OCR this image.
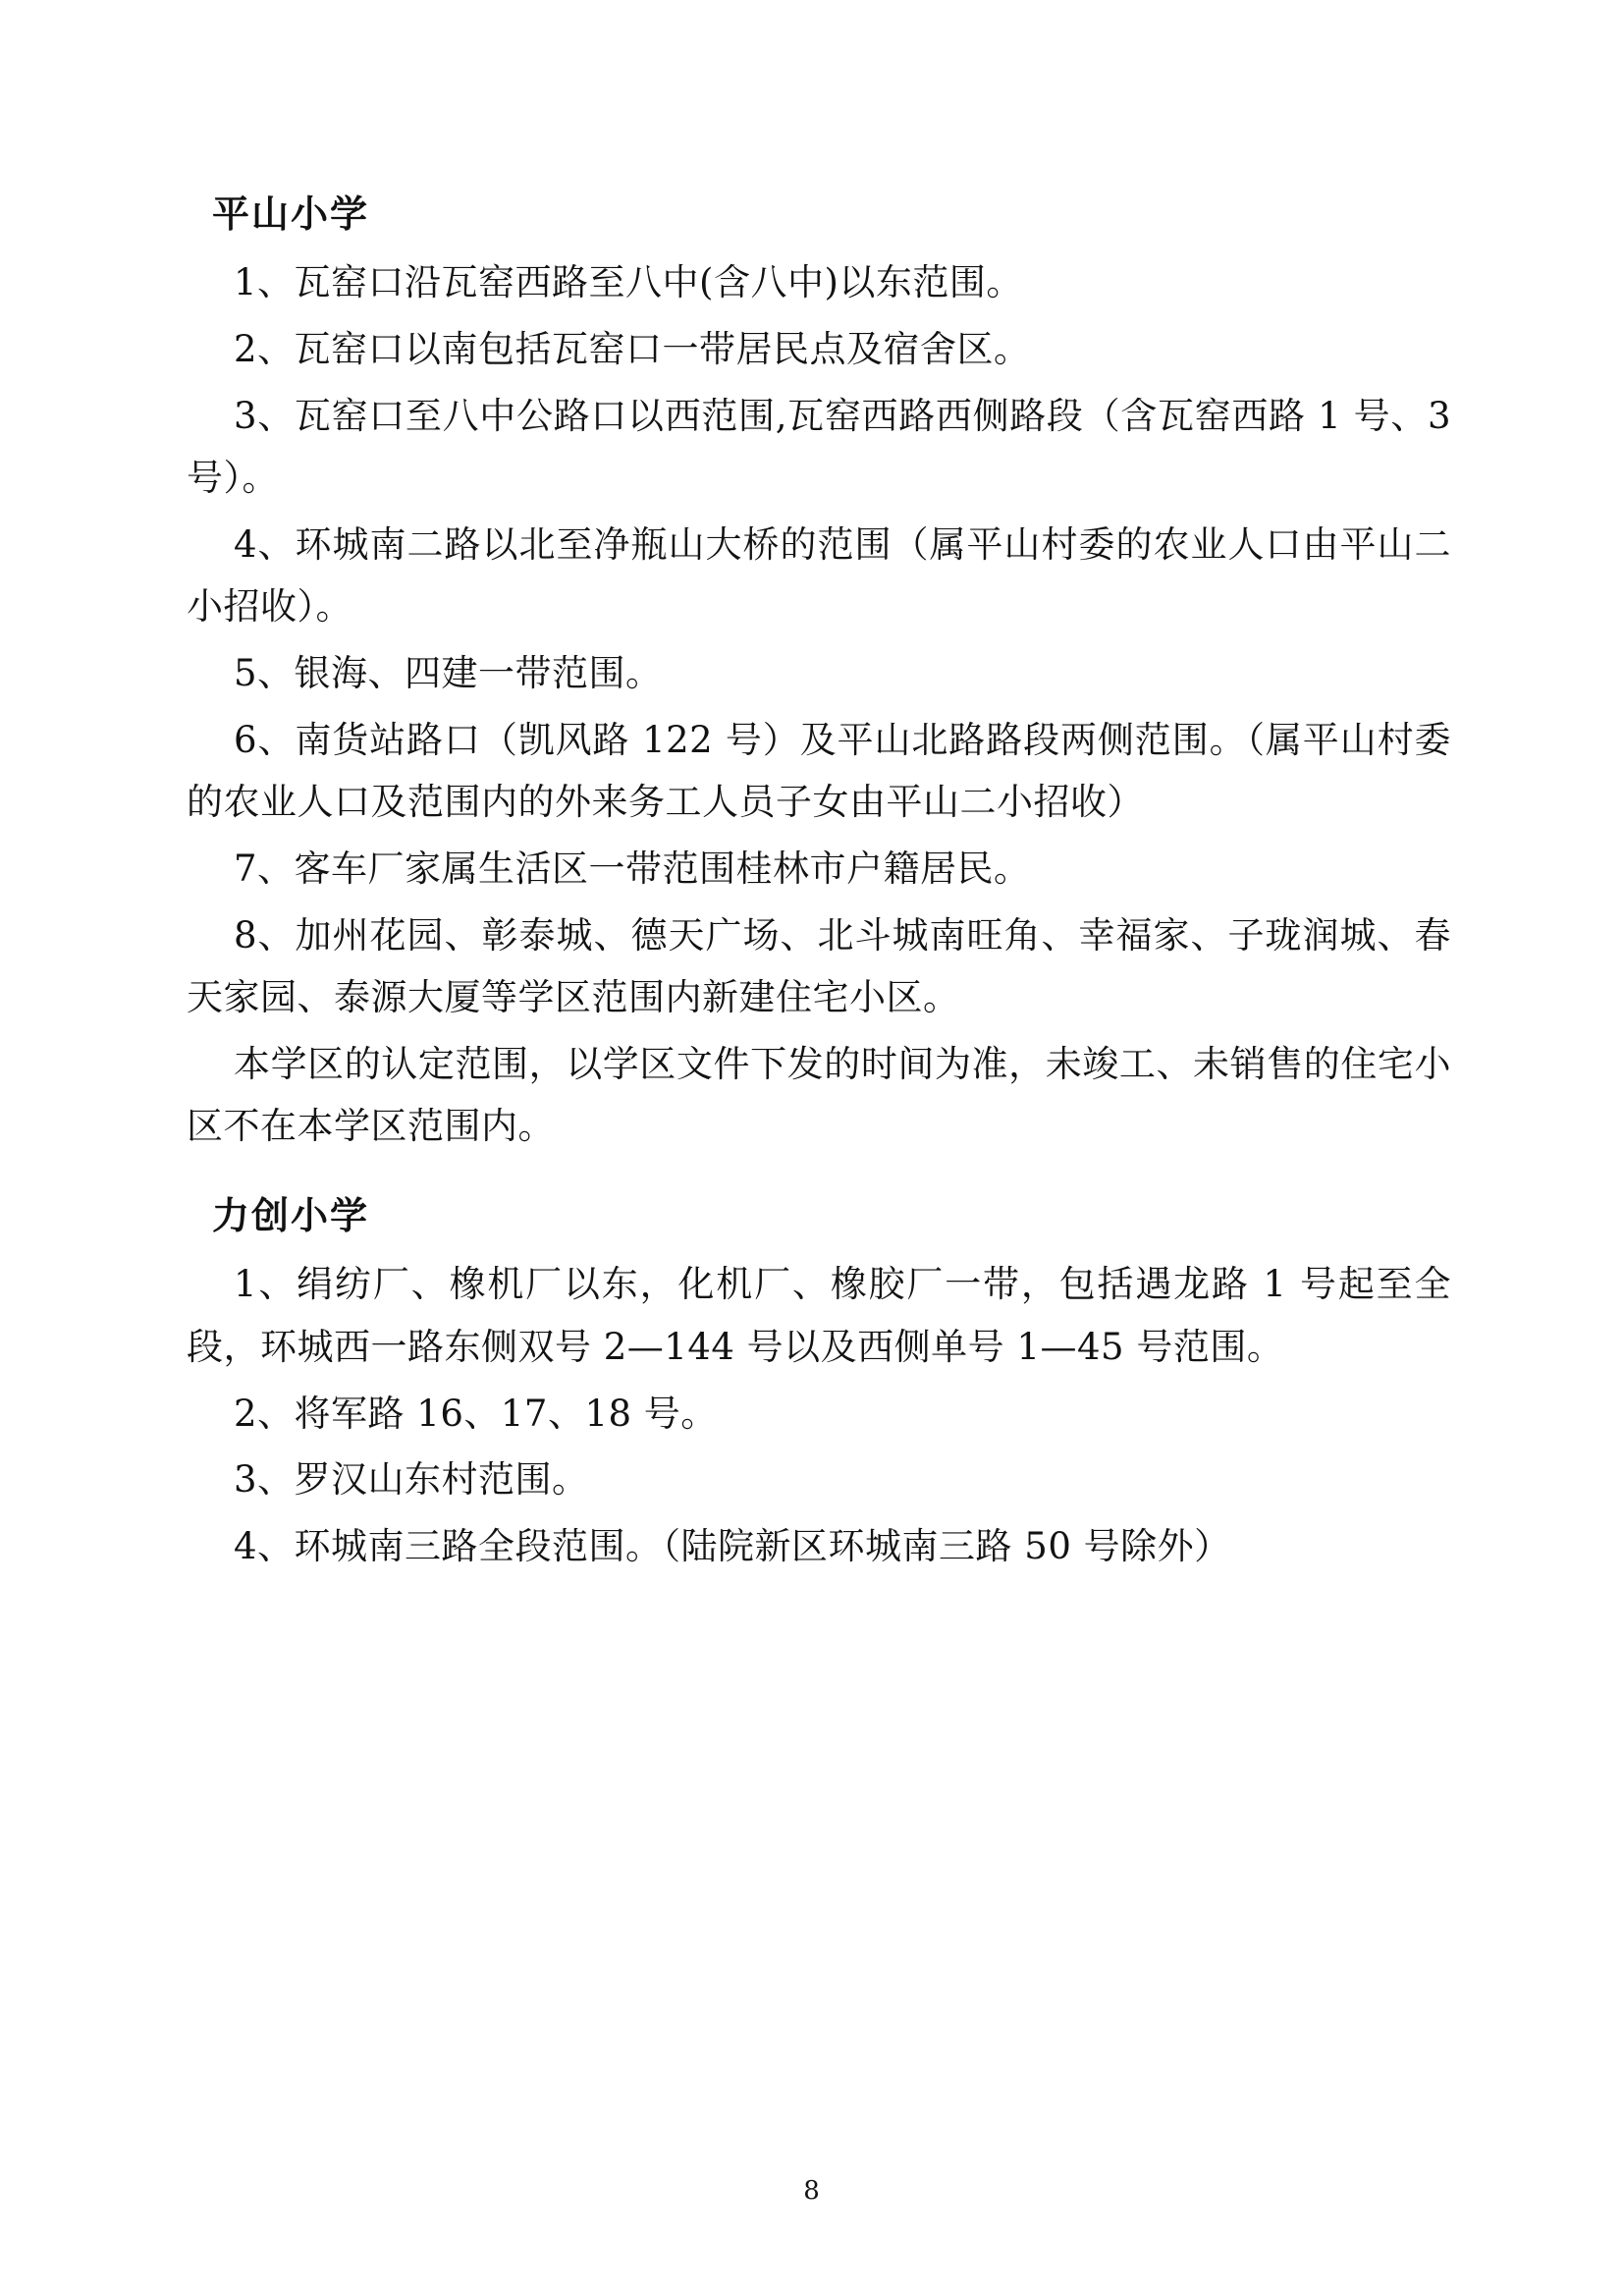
平山小学

1、瓦窑口沿瓦窑西路至八中(含八中)以东范围。

2、瓦窑口以南包括瓦窑口一带居民点及宿舍区。

3、瓦窑口至八中公路口以西范围,瓦窑西路西侧路段（含瓦窑西路 1 号、3 号）。

4、环城南二路以北至净瓶山大桥的范围（属平山村委的农业人口由平山二小招收）。

5、银海、四建一带范围。

6、南货站路口（凯风路 122 号）及平山北路路段两侧范围。（属平山村委的农业人口及范围内的外来务工人员子女由平山二小招收）

7、客车厂家属生活区一带范围桂林市户籍居民。

8、加州花园、彰泰城、德天广场、北斗城南旺角、幸福家、子珑润城、春天家园、泰源大厦等学区范围内新建住宅小区。

本学区的认定范围，以学区文件下发的时间为准，未竣工、未销售的住宅小区不在本学区范围内。

力创小学

1、绢纺厂、橡机厂以东，化机厂、橡胶厂一带，包括遇龙路 1 号起至全段，环城西一路东侧双号 2—144 号以及西侧单号 1—45 号范围。

2、将军路 16、17、18 号。

3、罗汉山东村范围。

4、环城南三路全段范围。（陆院新区环城南三路 50 号除外）

8
